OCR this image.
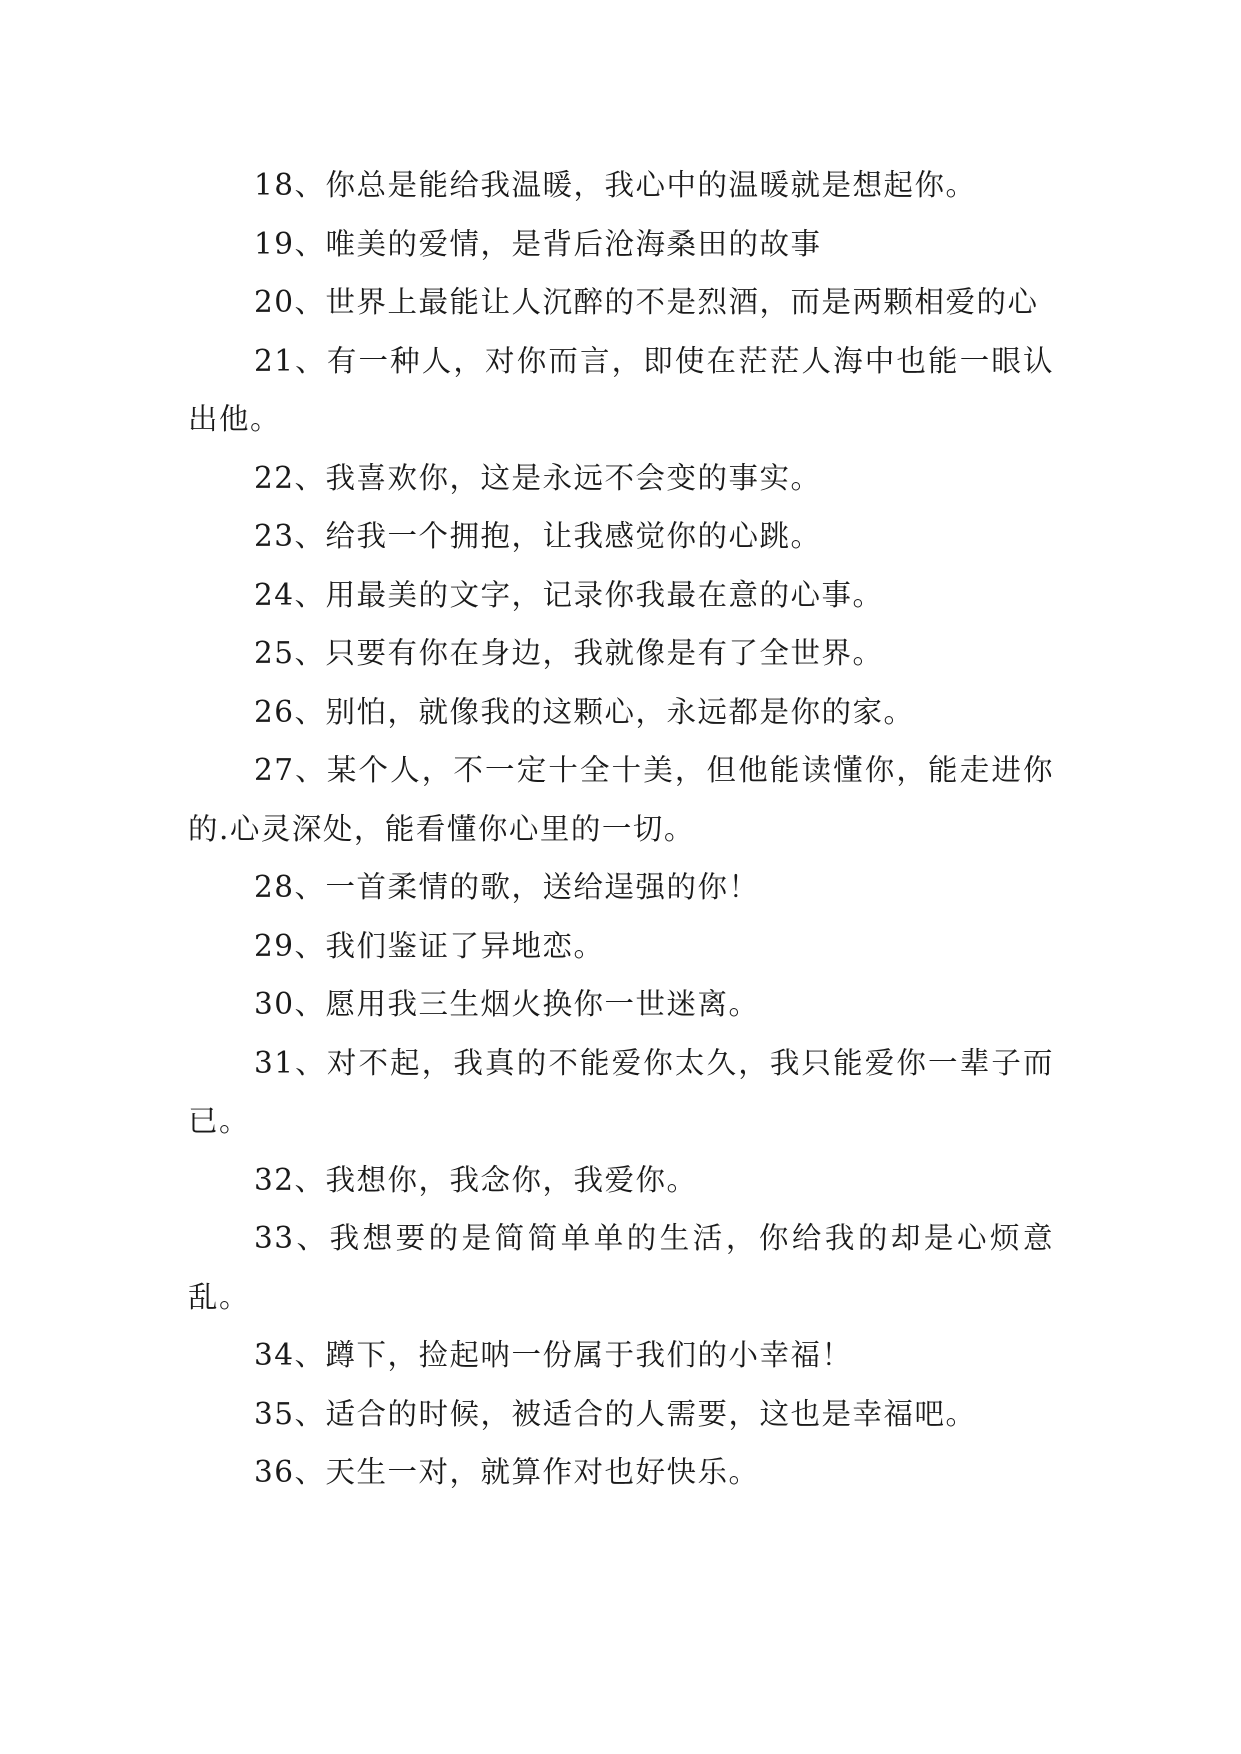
18、你总是能给我温暖，我心中的温暖就是想起你。

19、唯美的爱情，是背后沧海桑田的故事

20、世界上最能让人沉醉的不是烈酒，而是两颗相爱的心

21、有一种人，对你而言，即使在茫茫人海中也能一眼认出他。

22、我喜欢你，这是永远不会变的事实。

23、给我一个拥抱，让我感觉你的心跳。

24、用最美的文字，记录你我最在意的心事。

25、只要有你在身边，我就像是有了全世界。

26、别怕，就像我的这颗心，永远都是你的家。

27、某个人，不一定十全十美，但他能读懂你，能走进你的.心灵深处，能看懂你心里的一切。

28、一首柔情的歌，送给逞强的你！

29、我们鉴证了异地恋。

30、愿用我三生烟火换你一世迷离。

31、对不起，我真的不能爱你太久，我只能爱你一辈子而已。

32、我想你，我念你，我爱你。

33、我想要的是简简单单的生活，你给我的却是心烦意乱。

34、蹲下，捡起呐一份属于我们的小幸福！

35、适合的时候，被适合的人需要，这也是幸福吧。

36、天生一对，就算作对也好快乐。
